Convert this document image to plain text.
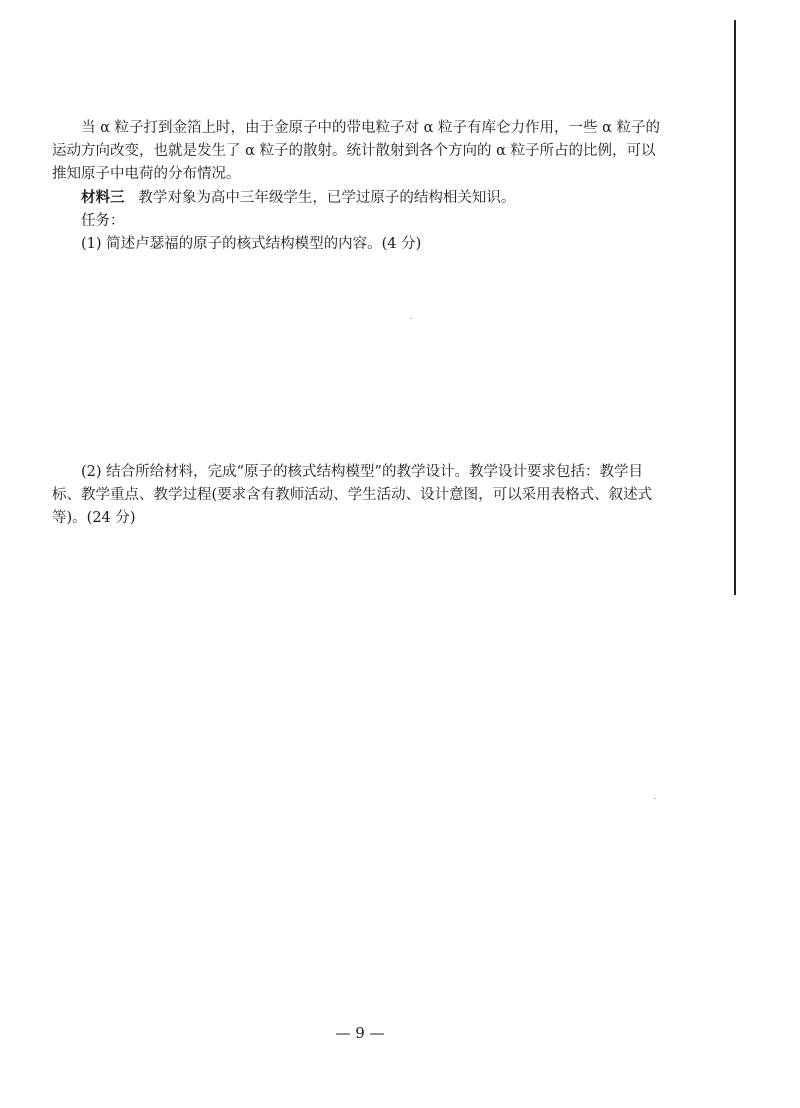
当 α 粒子打到金箔上时，由于金原子中的带电粒子对 α 粒子有库仑力作用，一些 α 粒子的
运动方向改变，也就是发生了 α 粒子的散射。统计散射到各个方向的 α 粒子所占的比例，可以
推知原子中电荷的分布情况。
材料三 教学对象为高中三年级学生，已学过原子的结构相关知识。
任务：
(1) 简述卢瑟福的原子的核式结构模型的内容。(4 分)
(2) 结合所给材料，完成“原子的核式结构模型”的教学设计。教学设计要求包括：教学目
标、教学重点、教学过程(要求含有教师活动、学生活动、设计意图，可以采用表格式、叙述式
等)。(24 分)
— 9 —
